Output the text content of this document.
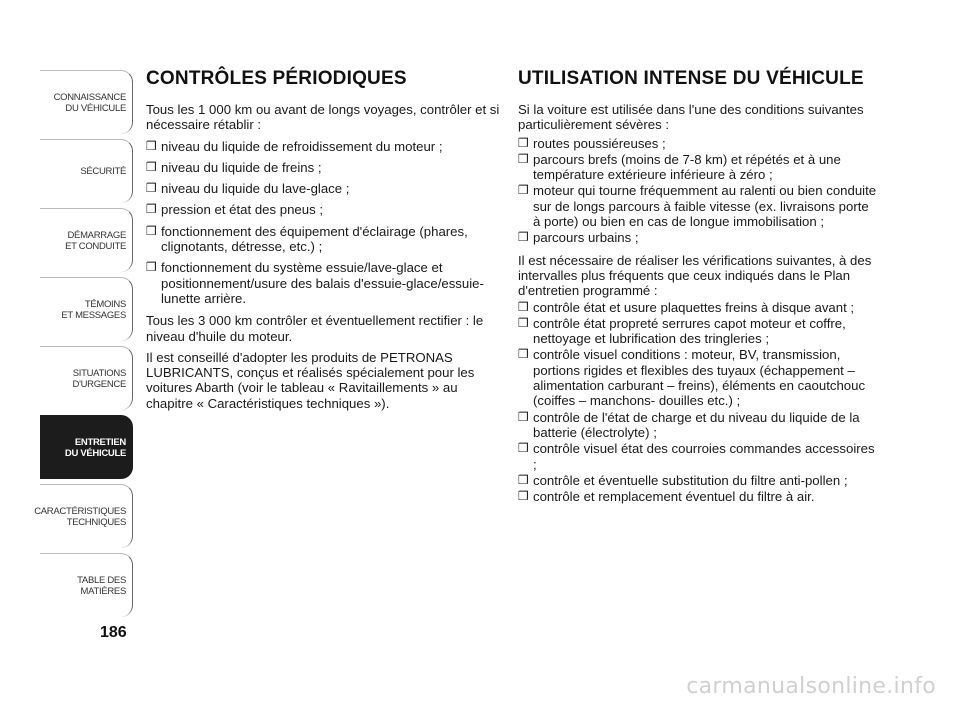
CONNAISSANCE
DU VÉHICULE
SÉCURITÉ
DÉMARRAGE
ET CONDUITE
TÉMOINS
ET MESSAGES
SITUATIONS
D'URGENCE
ENTRETIEN
DU VÉHICULE
CARACTÉRISTIQUES
TECHNIQUES
TABLE DES
MATIÈRES
186
CONTRÔLES PÉRIODIQUES

Tous les 1 000 km ou avant de longs voyages, contrôler et si nécessaire rétablir :

❒ niveau du liquide de refroidissement du moteur ;
❒ niveau du liquide de freins ;
❒ niveau du liquide du lave-glace ;
❒ pression et état des pneus ;
❒ fonctionnement des équipement d'éclairage (phares, clignotants, détresse, etc.) ;
❒ fonctionnement du système essuie/lave-glace et positionnement/usure des balais d'essuie-glace/essuie-lunette arrière.

Tous les 3 000 km contrôler et éventuellement rectifier : le niveau d'huile du moteur.

Il est conseillé d'adopter les produits de PETRONAS LUBRICANTS, conçus et réalisés spécialement pour les voitures Abarth (voir le tableau « Ravitaillements » au chapitre « Caractéristiques techniques »).

UTILISATION INTENSE DU VÉHICULE

Si la voiture est utilisée dans l'une des conditions suivantes particulièrement sévères :

❒ routes poussiéreuses ;
❒ parcours brefs (moins de 7-8 km) et répétés et à une température extérieure inférieure à zéro ;
❒ moteur qui tourne fréquemment au ralenti ou bien conduite sur de longs parcours à faible vitesse (ex. livraisons porte à porte) ou bien en cas de longue immobilisation ;
❒ parcours urbains ;

Il est nécessaire de réaliser les vérifications suivantes, à des intervalles plus fréquents que ceux indiqués dans le Plan d'entretien programmé :

❒ contrôle état et usure plaquettes freins à disque avant ;
❒ contrôle état propreté serrures capot moteur et coffre, nettoyage et lubrification des tringleries ;
❒ contrôle visuel conditions : moteur, BV, transmission, portions rigides et flexibles des tuyaux (échappement – alimentation carburant – freins), éléments en caoutchouc (coiffes – manchons- douilles etc.) ;
❒ contrôle de l'état de charge et du niveau du liquide de la batterie (électrolyte) ;
❒ contrôle visuel état des courroies commandes accessoires ;
❒ contrôle et éventuelle substitution du filtre anti-pollen ;
❒ contrôle et remplacement éventuel du filtre à air.
carmanualsonline.info
